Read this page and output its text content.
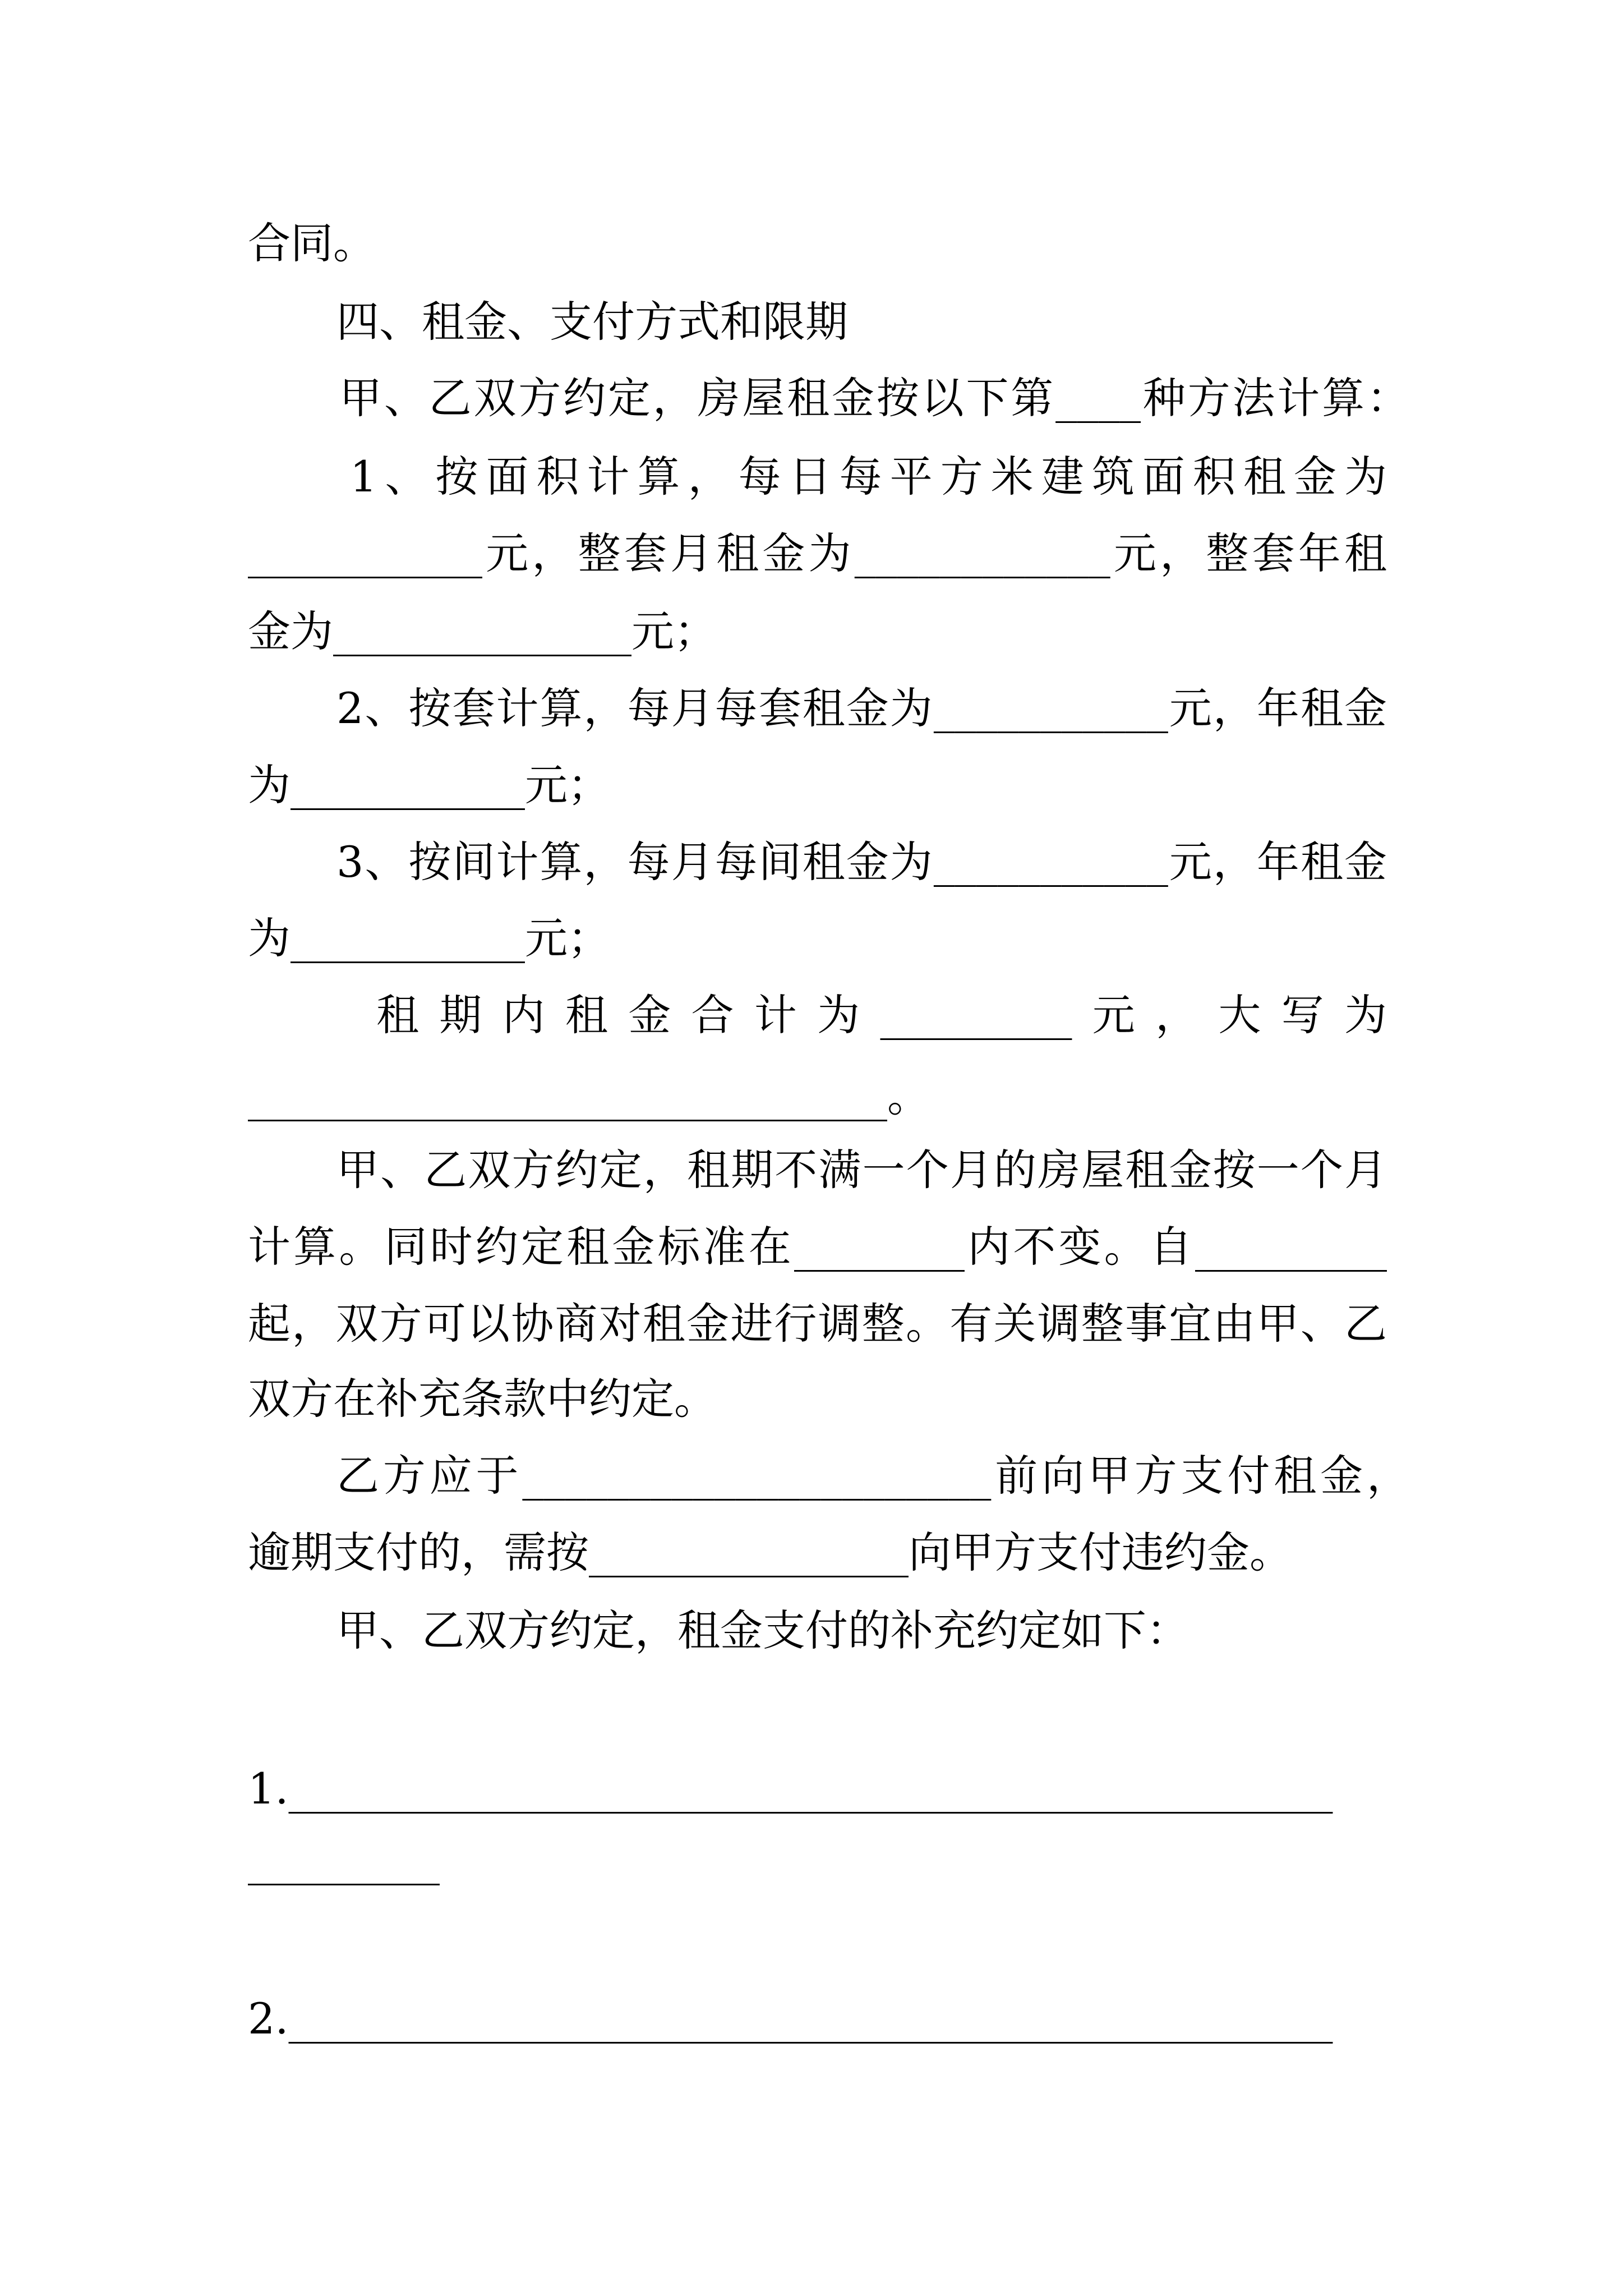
合同。
四、租金、支付方式和限期
甲、乙双方约定，房屋租金按以下第____种方法计算：
1、按面积计算，每日每平方米建筑面积租金为
___________元，整套月租金为____________元，整套年租
金为______________元；
2、按套计算，每月每套租金为___________元，年租金
为___________元；
3、按间计算，每月每间租金为___________元，年租金
为___________元；
租期内租金合计为_________元，大写为
______________________________。
甲、乙双方约定，租期不满一个月的房屋租金按一个月
计算。同时约定租金标准在________内不变。自_________
起，双方可以协商对租金进行调整。有关调整事宜由甲、乙
双方在补充条款中约定。
乙方应于______________________前向甲方支付租金，
逾期支付的，需按_______________向甲方支付违约金。
甲、乙双方约定，租金支付的补充约定如下：
1._________________________________________________
_________
2._________________________________________________
